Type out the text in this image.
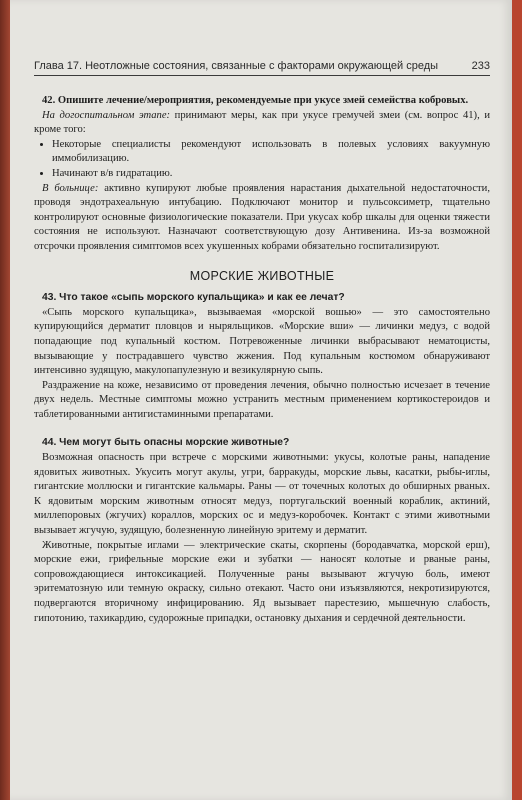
Глава 17. Неотложные состояния, связанные с факторами окружающей среды	233

42. Опишите лечение/мероприятия, рекомендуемые при укусе змей семейства кобровых.

На догоспитальном этапе: принимают меры, как при укусе гремучей змеи (см. вопрос 41), и кроме того:

• Некоторые специалисты рекомендуют использовать в полевых условиях вакуумную иммобилизацию.
• Начинают в/в гидратацию.

В больнице: активно купируют любые проявления нарастания дыхательной недостаточности, проводя эндотрахеальную интубацию. Подключают монитор и пульсоксиметр, тщательно контролируют основные физиологические показатели. При укусах кобр шкалы для оценки тяжести состояния не используют. Назначают соответствующую дозу Антивенина. Из-за возможной отсрочки проявления симптомов всех укушенных кобрами обязательно госпитализируют.

МОРСКИЕ ЖИВОТНЫЕ

43. Что такое «сыпь морского купальщика» и как ее лечат?

«Сыпь морского купальщика», вызываемая «морской вошью» — это самостоятельно купирующийся дерматит пловцов и ныряльщиков. «Морские вши» — личинки медуз, с водой попадающие под купальный костюм. Потревоженные личинки выбрасывают нематоцисты, вызывающие у пострадавшего чувство жжения. Под купальным костюмом обнаруживают интенсивно зудящую, макулопапулезную и везикулярную сыпь.

Раздражение на коже, независимо от проведения лечения, обычно полностью исчезает в течение двух недель. Местные симптомы можно устранить местным применением кортикостероидов и таблетированными антигистаминными препаратами.

44. Чем могут быть опасны морские животные?

Возможная опасность при встрече с морскими животными: укусы, колотые раны, нападение ядовитых животных. Укусить могут акулы, угри, барракуды, морские львы, касатки, рыбы-иглы, гигантские моллюски и гигантские кальмары. Раны — от точечных колотых до обширных рваных. К ядовитым морским животным относят медуз, португальский военный кораблик, актиний, миллепоровых (жгучих) кораллов, морских ос и медуз-коробочек. Контакт с этими животными вызывает жгучую, зудящую, болезненную линейную эритему и дерматит.

Животные, покрытые иглами — электрические скаты, скорпены (бородавчатка, морской ерш), морские ежи, грифельные морские ежи и зубатки — наносят колотые и рваные раны, сопровождающиеся интоксикацией. Полученные раны вызывают жгучую боль, имеют эритематозную или темную окраску, сильно отекают. Часто они изъязвляются, некротизируются, подвергаются вторичному инфицированию. Яд вызывает парестезию, мышечную слабость, гипотонию, тахикардию, судорожные припадки, остановку дыхания и сердечной деятельности.
